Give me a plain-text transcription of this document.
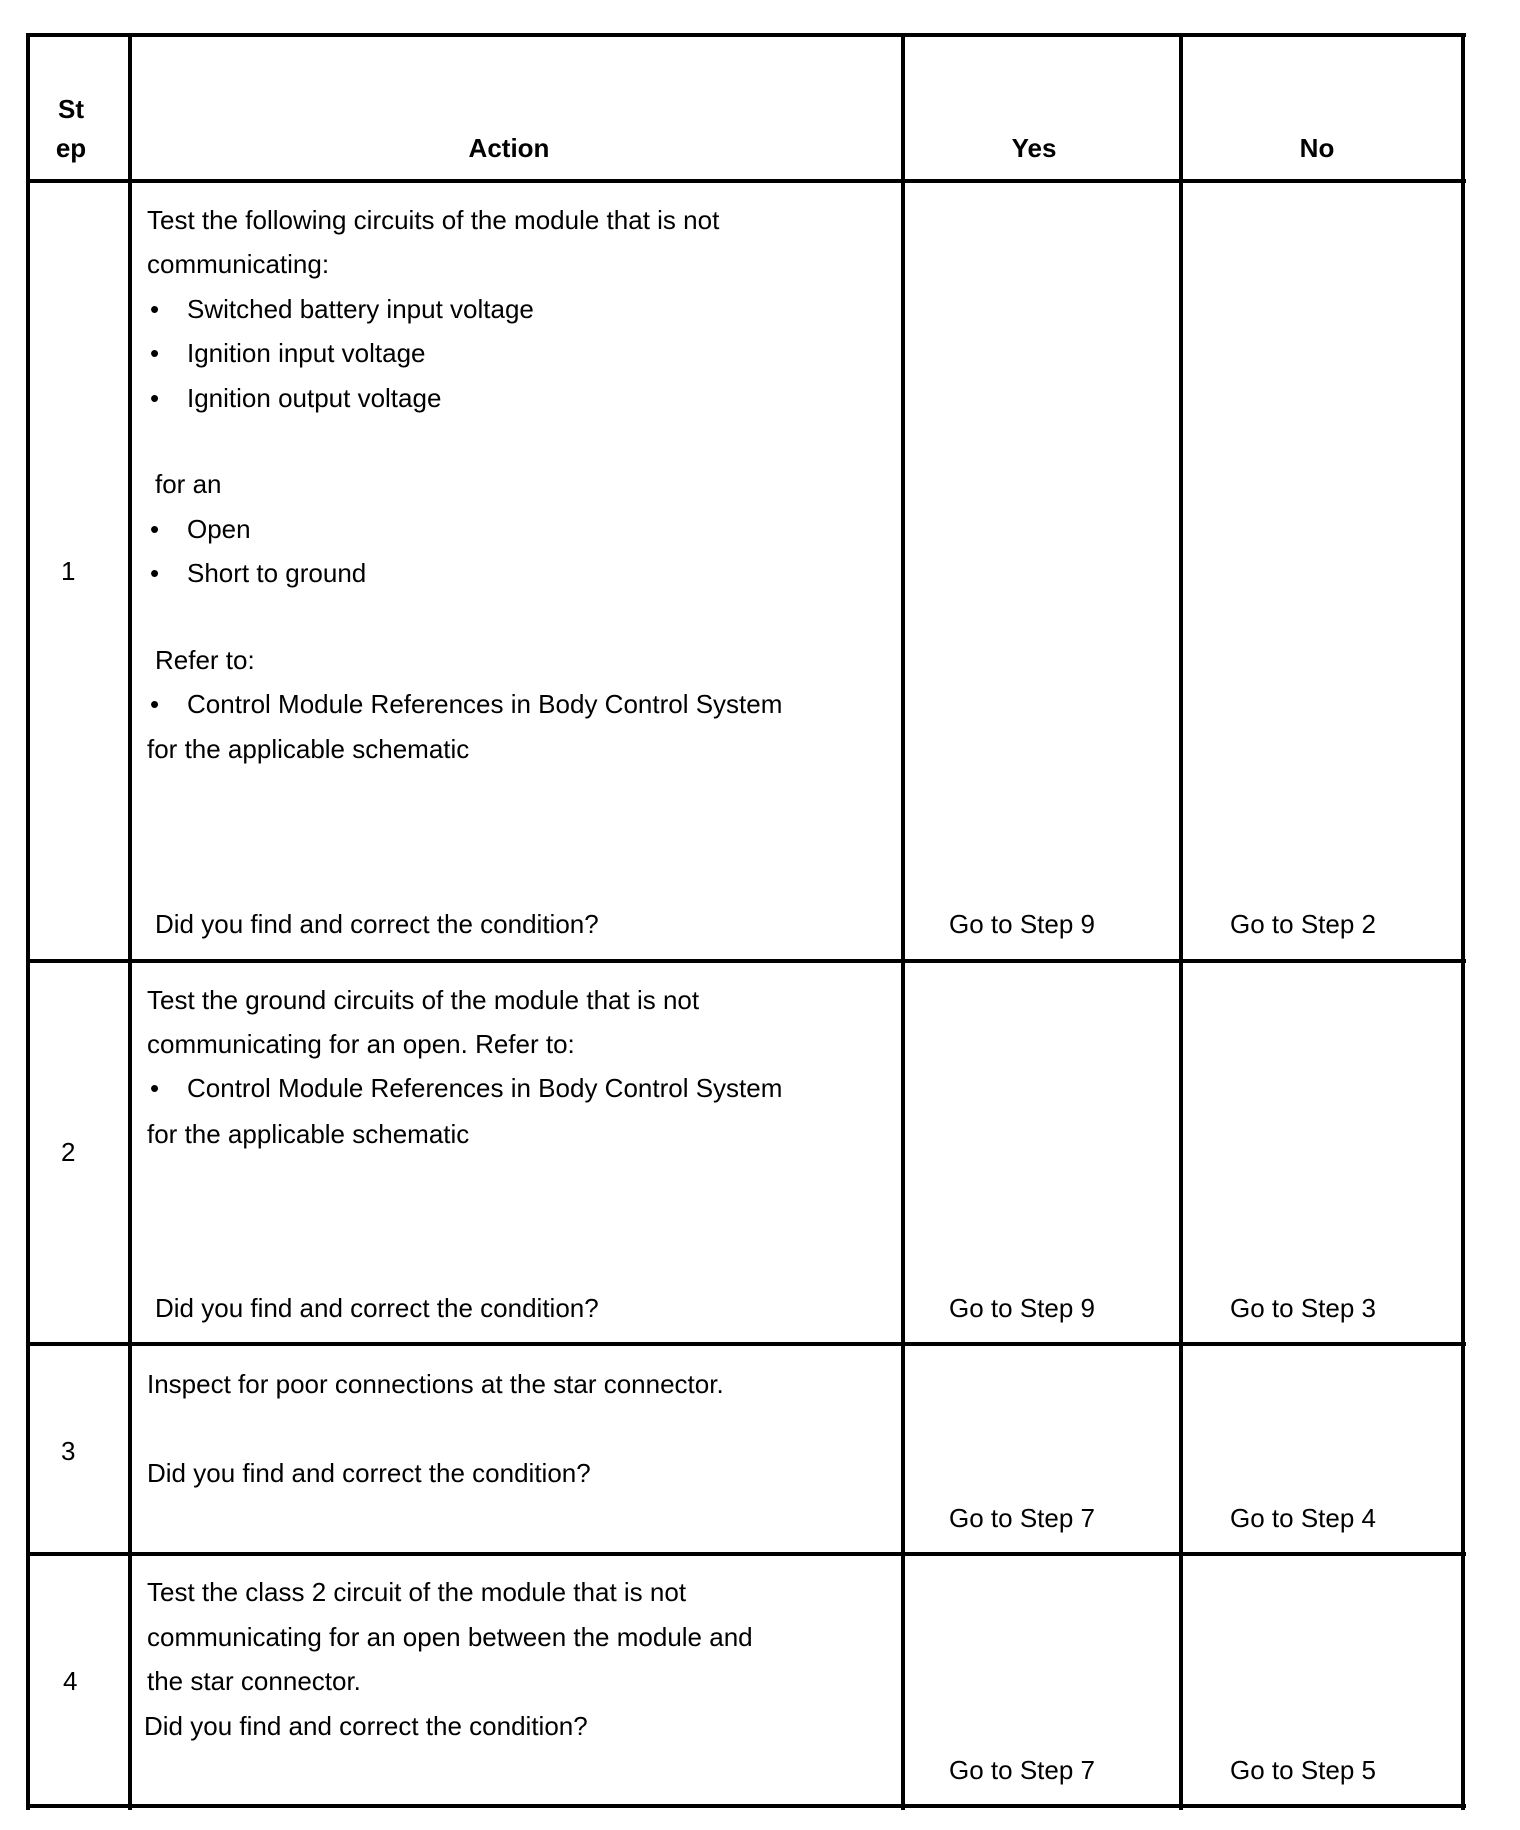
St
ep	Action	Yes	No
1
Test the following circuits of the module that is not
communicating:
• Switched battery input voltage
• Ignition input voltage
• Ignition output voltage
for an
• Open
• Short to ground
Refer to:
• Control Module References in Body Control System
for the applicable schematic
Did you find and correct the condition?	Go to Step 9	Go to Step 2
2
Test the ground circuits of the module that is not
communicating for an open. Refer to:
• Control Module References in Body Control System
for the applicable schematic
Did you find and correct the condition?	Go to Step 9	Go to Step 3
3
Inspect for poor connections at the star connector.
Did you find and correct the condition?
Go to Step 7	Go to Step 4
4
Test the class 2 circuit of the module that is not
communicating for an open between the module and
the star connector.
Did you find and correct the condition?
Go to Step 7	Go to Step 5
